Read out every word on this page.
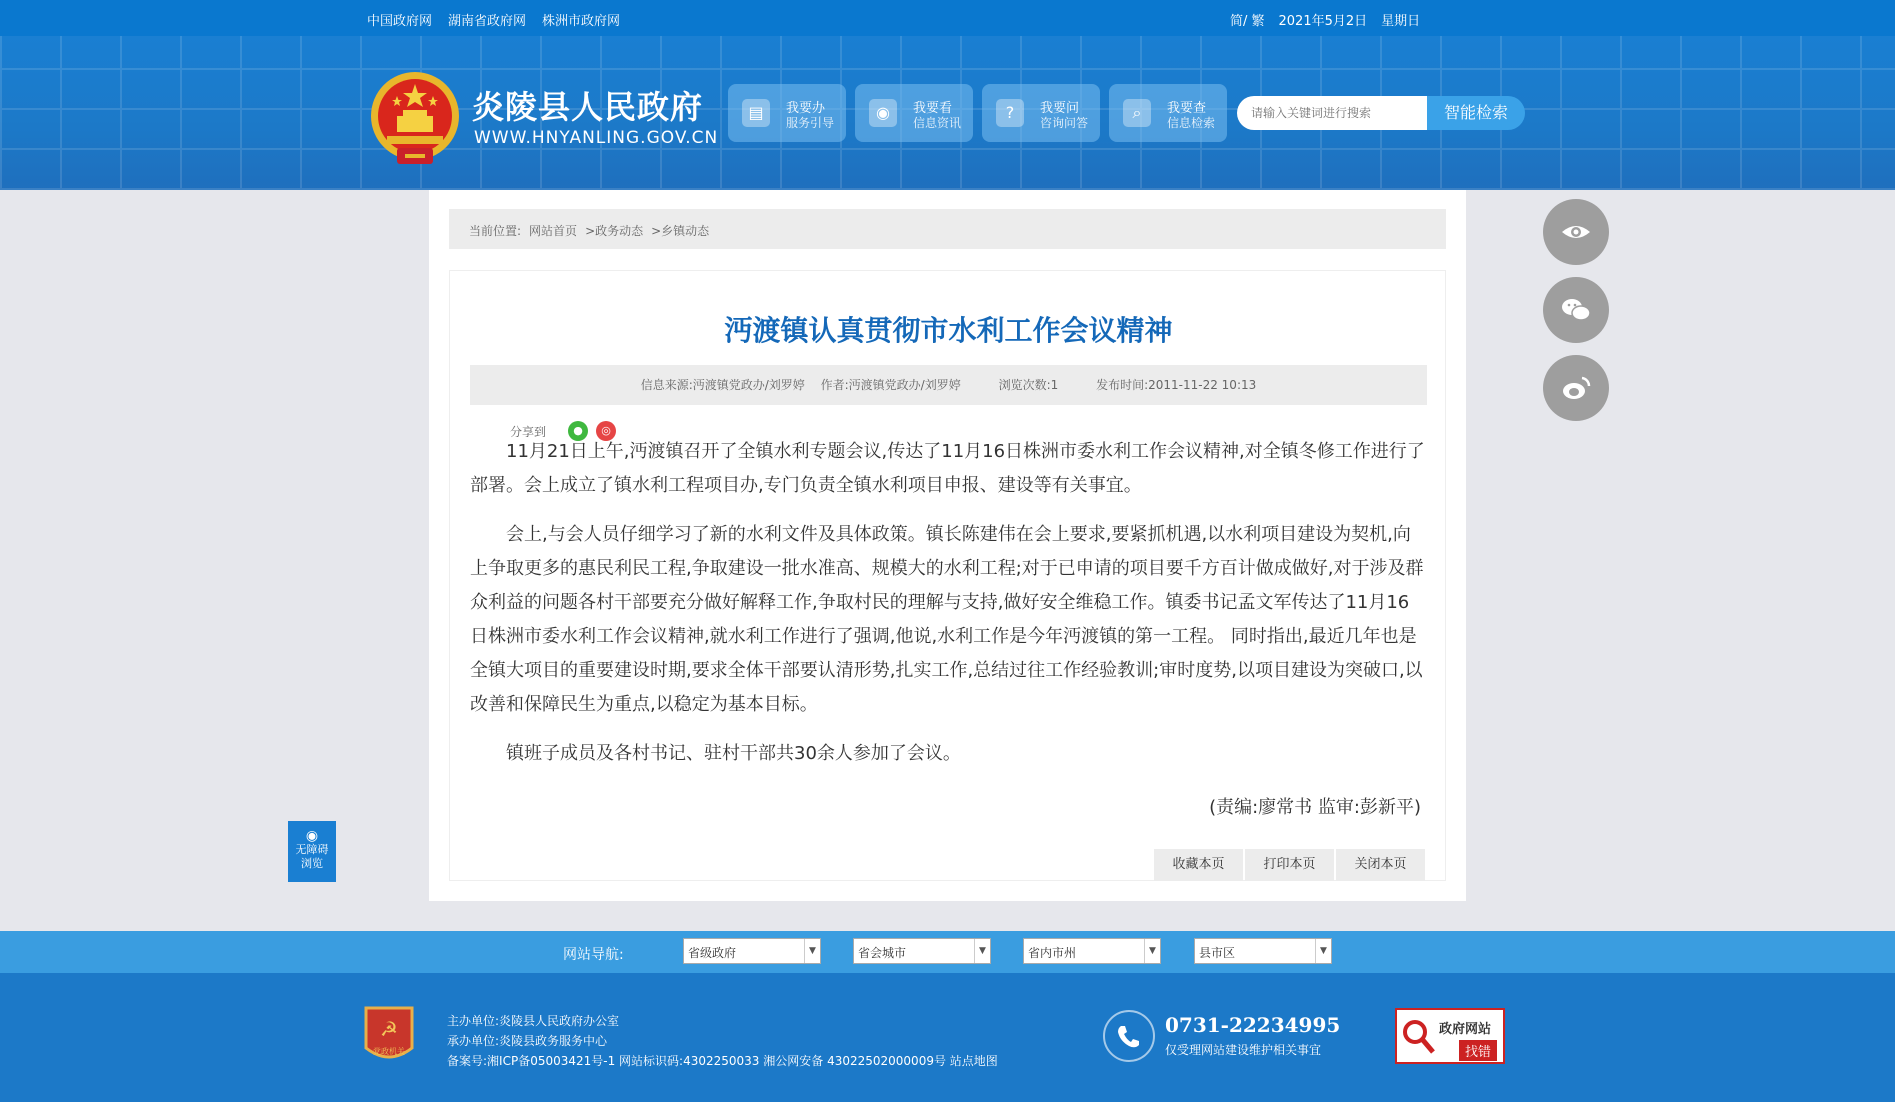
中国政府网 湖南省政府网 株洲市政府网	简/ 繁 2021年5月2日 星期日
炎陵县人民政府
WWW.HNYANLING.GOV.CN
▤	我要办
服务引导
◉	我要看
信息资讯
?	我要问
咨询问答
⌕	我要查
信息检索
请输入关键词进行搜索
智能检索
当前位置: 网站首页 >政务动态 >乡镇动态
沔渡镇认真贯彻市水利工作会议精神
信息来源:沔渡镇党政办/刘罗婷 作者:沔渡镇党政办/刘罗婷	浏览次数:1	发布时间:2011-11-22 10:13
分享到	●	◎

11月21日上午,沔渡镇召开了全镇水利专题会议,传达了11月16日株洲市委水利工作会议精神,对全镇冬修工作进行了部署。会上成立了镇水利工程项目办,专门负责全镇水利项目申报、建设等有关事宜。

会上,与会人员仔细学习了新的水利文件及具体政策。镇长陈建伟在会上要求,要紧抓机遇,以水利项目建设为契机,向上争取更多的惠民利民工程,争取建设一批水准高、规模大的水利工程;对于已申请的项目要千方百计做成做好,对于涉及群众利益的问题各村干部要充分做好解释工作,争取村民的理解与支持,做好安全维稳工作。镇委书记孟文军传达了11月16日株洲市委水利工作会议精神,就水利工作进行了强调,他说,水利工作是今年沔渡镇的第一工程。 同时指出,最近几年也是全镇大项目的重要建设时期,要求全体干部要认清形势,扎实工作,总结过往工作经验教训;审时度势,以项目建设为突破口,以改善和保障民生为重点,以稳定为基本目标。

镇班子成员及各村书记、驻村干部共30余人参加了会议。

(责编:廖常书 监审:彭新平)
收藏本页	打印本页	关闭本页
◉
无障碍
浏览
网站导航:	省级政府	▼	省会城市	▼	省内市州	▼	县市区	▼
☭
党政机关
主办单位:炎陵县人民政府办公室
承办单位:炎陵县政务服务中心
备案号:湘ICP备05003421号-1 网站标识码:4302250033 湘公网安备 43022502000009号 站点地图
0731-22234995
仅受理网站建设维护相关事宜
政府网站
找错
